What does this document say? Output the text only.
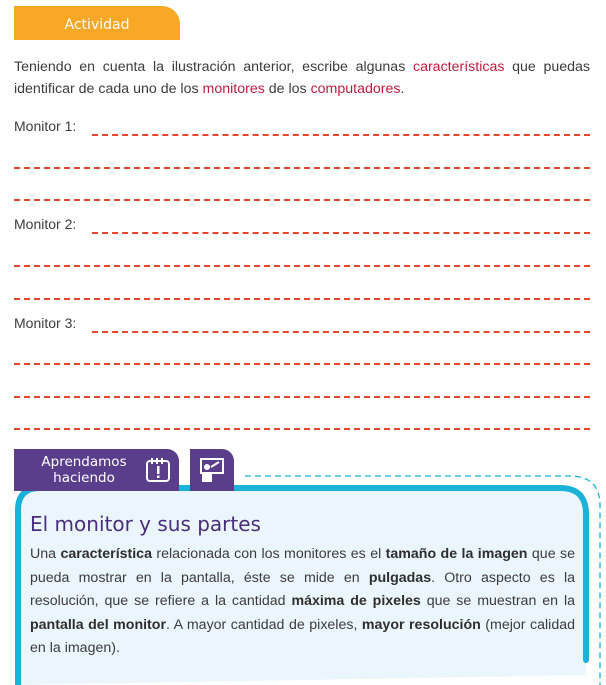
Actividad
Teniendo en cuenta la ilustración anterior, escribe algunas características que puedas identificar de cada uno de los monitores de los computadores.
Monitor 1:
Monitor 2:
Monitor 3:
Aprendamos
haciendo
El monitor y sus partes
Una característica relacionada con los monitores es el tamaño de la imagen que se pueda mostrar en la pantalla, éste se mide en pulgadas. Otro aspecto es la resolución, que se refiere a la cantidad máxima de pixeles que se muestran en la pantalla del monitor. A mayor cantidad de pixeles, mayor resolución (mejor calidad en la imagen).
